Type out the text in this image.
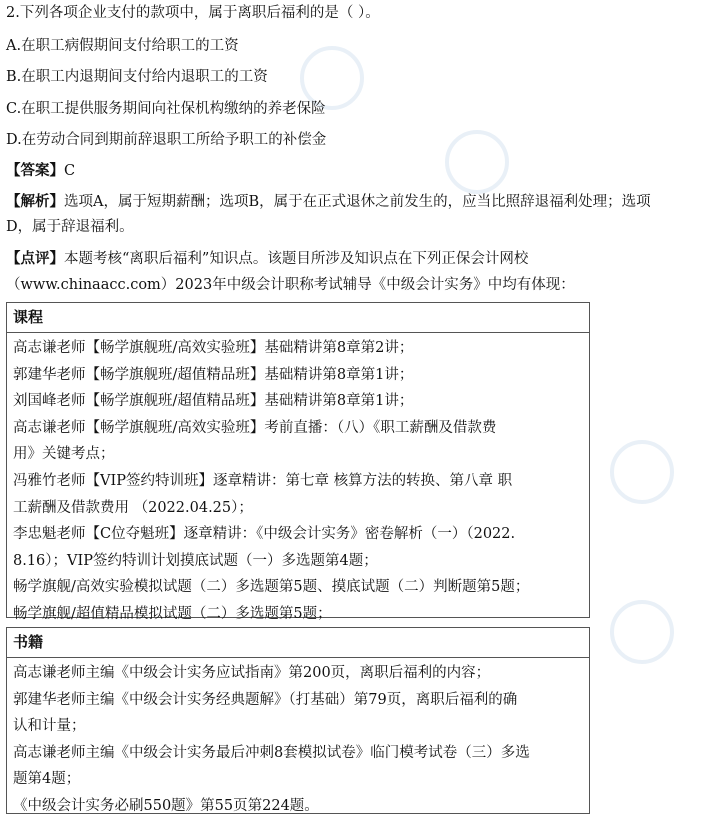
2.下列各项企业支付的款项中，属于离职后福利的是（ ）。
A.在职工病假期间支付给职工的工资
B.在职工内退期间支付给内退职工的工资
C.在职工提供服务期间向社保机构缴纳的养老保险
D.在劳动合同到期前辞退职工所给予职工的补偿金
【答案】C
【解析】选项A，属于短期薪酬；选项B，属于在正式退休之前发生的，应当比照辞退福利处理；选项
D，属于辞退福利。
【点评】本题考核“离职后福利”知识点。该题目所涉及知识点在下列正保会计网校
（www.chinaacc.com）2023年中级会计职称考试辅导《中级会计实务》中均有体现：
课程
高志谦老师【畅学旗舰班/高效实验班】基础精讲第8章第2讲；
郭建华老师【畅学旗舰班/超值精品班】基础精讲第8章第1讲；
刘国峰老师【畅学旗舰班/超值精品班】基础精讲第8章第1讲；
高志谦老师【畅学旗舰班/高效实验班】考前直播：（八）《职工薪酬及借款费
用》关键考点；
冯雅竹老师【VIP签约特训班】逐章精讲：第七章 核算方法的转换、第八章 职
工薪酬及借款费用 （2022.04.25）；
李忠魁老师【C位夺魁班】逐章精讲：《中级会计实务》密卷解析（一）（2022.
8.16）；VIP签约特训计划摸底试题（一）多选题第4题；
畅学旗舰/高效实验模拟试题（二）多选题第5题、摸底试题（二）判断题第5题；
畅学旗舰/超值精品模拟试题（二）多选题第5题；
书籍
高志谦老师主编《中级会计实务应试指南》第200页，离职后福利的内容；
郭建华老师主编《中级会计实务经典题解》（打基础）第79页，离职后福利的确
认和计量；
高志谦老师主编《中级会计实务最后冲刺8套模拟试卷》临门模考试卷（三）多选
题第4题；
《中级会计实务必刷550题》第55页第224题。
